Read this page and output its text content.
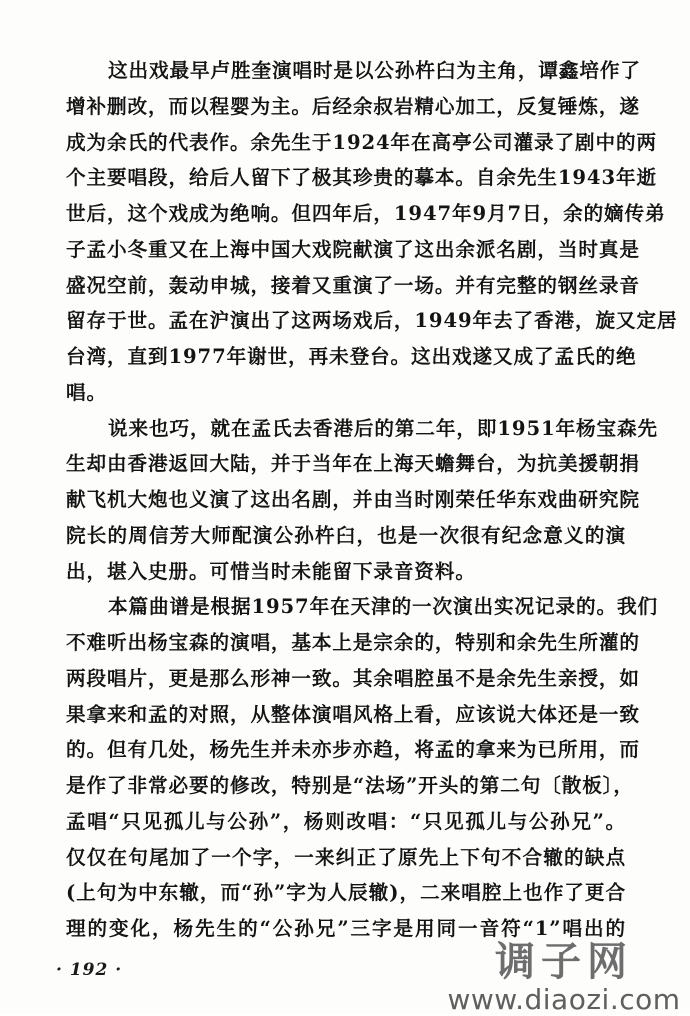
这出戏最早卢胜奎演唱时是以公孙杵臼为主角，谭鑫培作了
增补删改，而以程婴为主。后经余叔岩精心加工，反复锤炼，遂
成为余氏的代表作。余先生于1924年在高亭公司灌录了剧中的两
个主要唱段，给后人留下了极其珍贵的摹本。自余先生1943年逝
世后，这个戏成为绝响。但四年后，1947年9月7日，余的嫡传弟
子孟小冬重又在上海中国大戏院献演了这出余派名剧，当时真是
盛况空前，轰动申城，接着又重演了一场。并有完整的钢丝录音
留存于世。孟在沪演出了这两场戏后，1949年去了香港，旋又定居
台湾，直到1977年谢世，再未登台。这出戏遂又成了孟氏的绝
唱。
说来也巧，就在孟氏去香港后的第二年，即1951年杨宝森先
生却由香港返回大陆，并于当年在上海天蟾舞台，为抗美援朝捐
献飞机大炮也义演了这出名剧，并由当时刚荣任华东戏曲研究院
院长的周信芳大师配演公孙杵臼，也是一次很有纪念意义的演
出，堪入史册。可惜当时未能留下录音资料。
本篇曲谱是根据1957年在天津的一次演出实况记录的。我们
不难听出杨宝森的演唱，基本上是宗余的，特别和余先生所灌的
两段唱片，更是那么形神一致。其余唱腔虽不是余先生亲授，如
果拿来和孟的对照，从整体演唱风格上看，应该说大体还是一致
的。但有几处，杨先生并未亦步亦趋，将孟的拿来为已所用，而
是作了非常必要的修改，特别是“法场”开头的第二句〔散板〕，
孟唱“只见孤儿与公孙”，杨则改唱：“只见孤儿与公孙兄”。
仅仅在句尾加了一个字，一来纠正了原先上下句不合辙的缺点
(上句为中东辙，而“孙”字为人辰辙)，二来唱腔上也作了更合
理的变化，杨先生的“公孙兄”三字是用同一音符“1”唱出的
· 192 ·	调子网
www.diaozi.com
